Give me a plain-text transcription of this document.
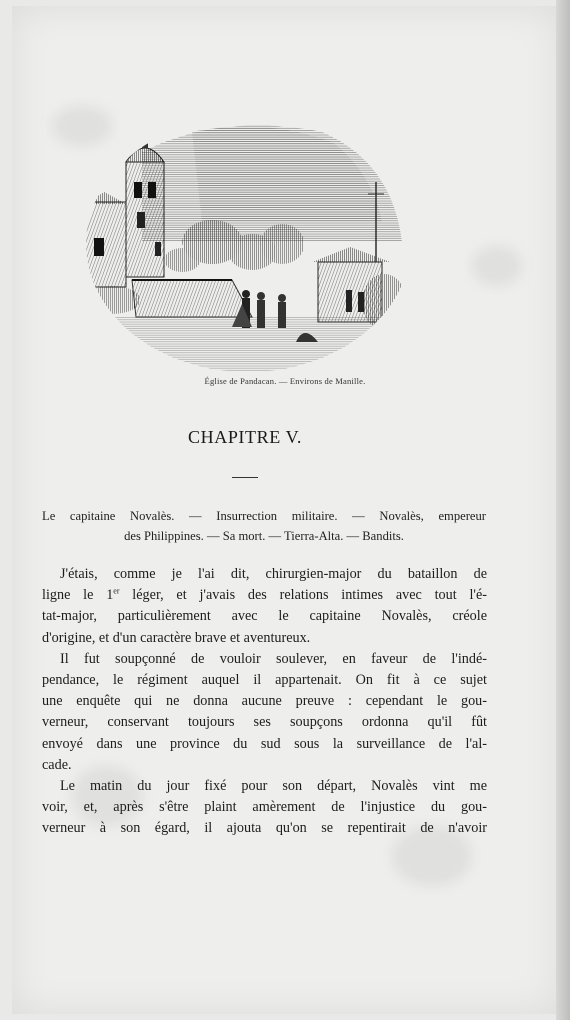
Église de Pandacan. — Environs de Manille.
CHAPITRE V.
Le capitaine Novalès. — Insurrection militaire. — Novalès, empereur
des Philippines. — Sa mort. — Tierra-Alta. — Bandits.
J'étais, comme je l'ai dit, chirurgien-major du bataillon de
ligne le 1er léger, et j'avais des relations intimes avec tout l'é-
tat-major, particulièrement avec le capitaine Novalès, créole
d'origine, et d'un caractère brave et aventureux.
Il fut soupçonné de vouloir soulever, en faveur de l'indé-
pendance, le régiment auquel il appartenait. On fit à ce sujet
une enquête qui ne donna aucune preuve : cependant le gou-
verneur, conservant toujours ses soupçons ordonna qu'il fût
envoyé dans une province du sud sous la surveillance de l'al-
cade.
Le matin du jour fixé pour son départ, Novalès vint me
voir, et, après s'être plaint amèrement de l'injustice du gou-
verneur à son égard, il ajouta qu'on se repentirait de n'avoir
